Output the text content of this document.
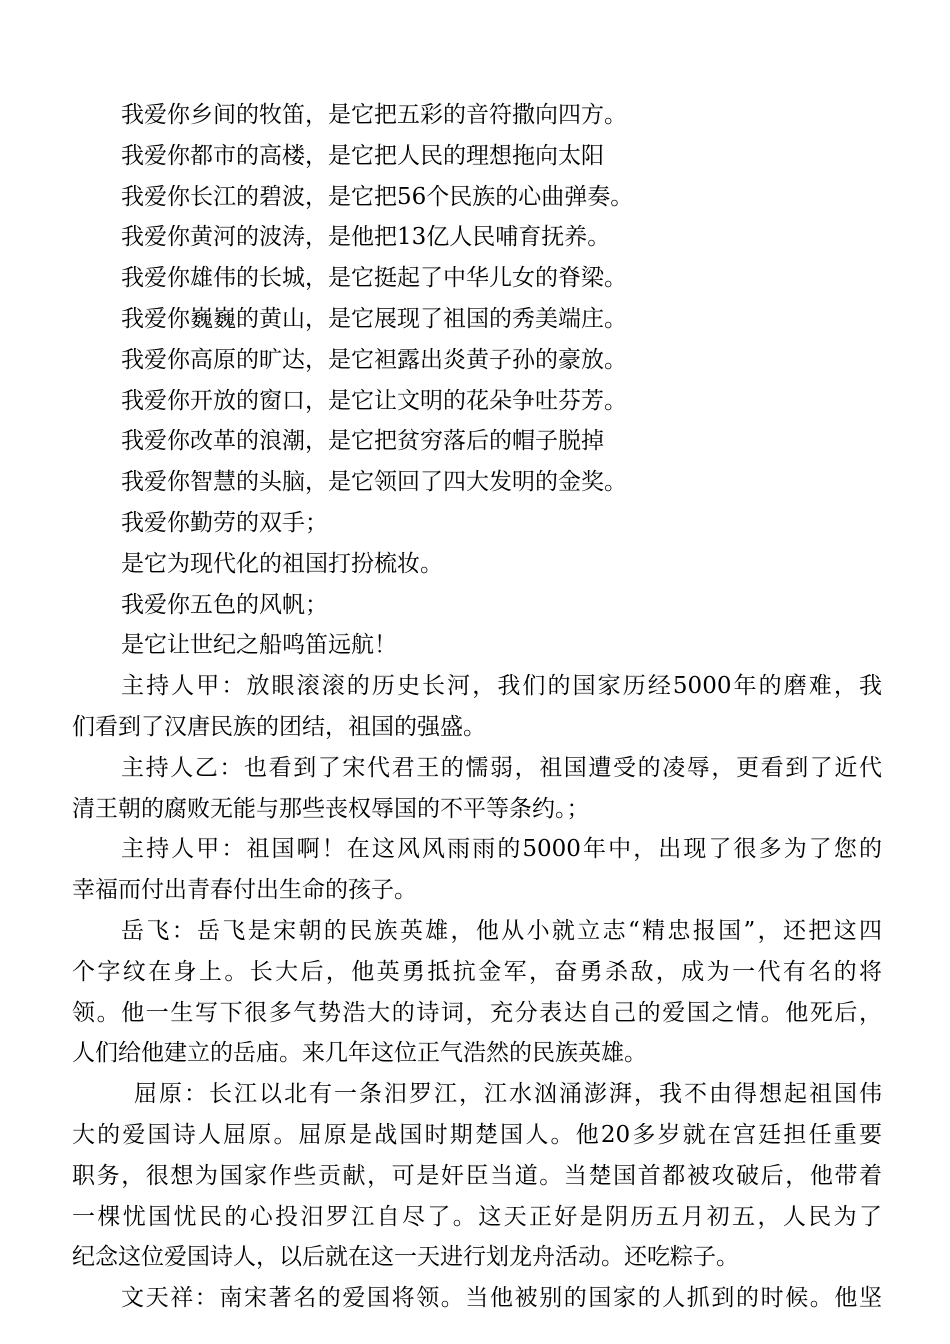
我爱你乡间的牧笛，是它把五彩的音符撒向四方。
我爱你都市的高楼，是它把人民的理想拖向太阳
我爱你长江的碧波，是它把56个民族的心曲弹奏。
我爱你黄河的波涛，是他把13亿人民哺育抚养。
我爱你雄伟的长城，是它挺起了中华儿女的脊梁。
我爱你巍巍的黄山，是它展现了祖国的秀美端庄。
我爱你高原的旷达，是它袒露出炎黄子孙的豪放。
我爱你开放的窗口，是它让文明的花朵争吐芬芳。
我爱你改革的浪潮，是它把贫穷落后的帽子脱掉
我爱你智慧的头脑，是它领回了四大发明的金奖。
我爱你勤劳的双手；
是它为现代化的祖国打扮梳妆。
我爱你五色的风帆；
是它让世纪之船鸣笛远航！
主持人甲：放眼滚滚的历史长河，我们的国家历经5000年的磨难，我
们看到了汉唐民族的团结，祖国的强盛。
主持人乙：也看到了宋代君王的懦弱，祖国遭受的凌辱，更看到了近代
清王朝的腐败无能与那些丧权辱国的不平等条约。；
主持人甲：祖国啊！在这风风雨雨的5000年中，出现了很多为了您的
幸福而付出青春付出生命的孩子。
岳飞：岳飞是宋朝的民族英雄，他从小就立志“精忠报国”，还把这四
个字纹在身上。长大后，他英勇抵抗金军，奋勇杀敌，成为一代有名的将
领。他一生写下很多气势浩大的诗词，充分表达自己的爱国之情。他死后，
人们给他建立的岳庙。来几年这位正气浩然的民族英雄。
屈原：长江以北有一条汨罗江，江水汹涌澎湃，我不由得想起祖国伟
大的爱国诗人屈原。屈原是战国时期楚国人。他20多岁就在宫廷担任重要
职务，很想为国家作些贡献，可是奸臣当道。当楚国首都被攻破后，他带着
一棵忧国忧民的心投汨罗江自尽了。这天正好是阴历五月初五，人民为了
纪念这位爱国诗人，以后就在这一天进行划龙舟活动。还吃粽子。
文天祥：南宋著名的爱国将领。当他被别的国家的人抓到的时候。他坚
